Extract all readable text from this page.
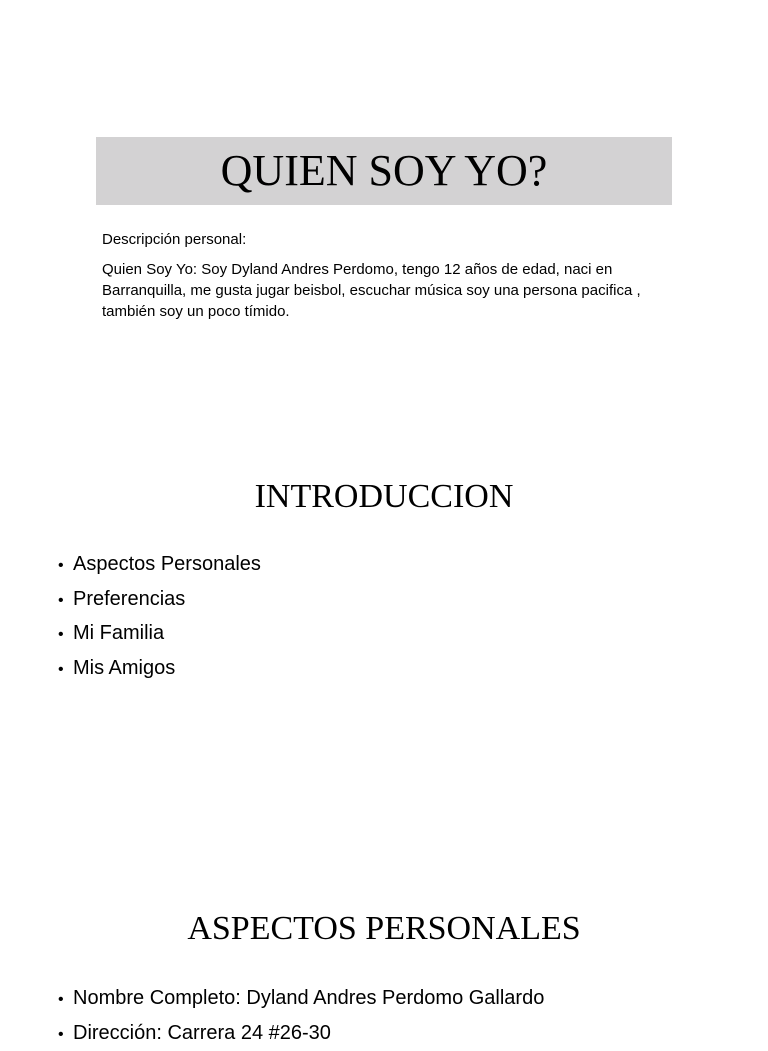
QUIEN SOY YO?
Descripción personal:
Quien Soy Yo: Soy Dyland Andres Perdomo, tengo 12 años de edad, naci en Barranquilla, me gusta jugar beisbol, escuchar música soy una persona pacifica , también soy un poco tímido.
INTRODUCCION
• Aspectos Personales
• Preferencias
• Mi Familia
• Mis Amigos
ASPECTOS PERSONALES
• Nombre Completo: Dyland Andres Perdomo Gallardo
• Dirección: Carrera 24 #26-30
